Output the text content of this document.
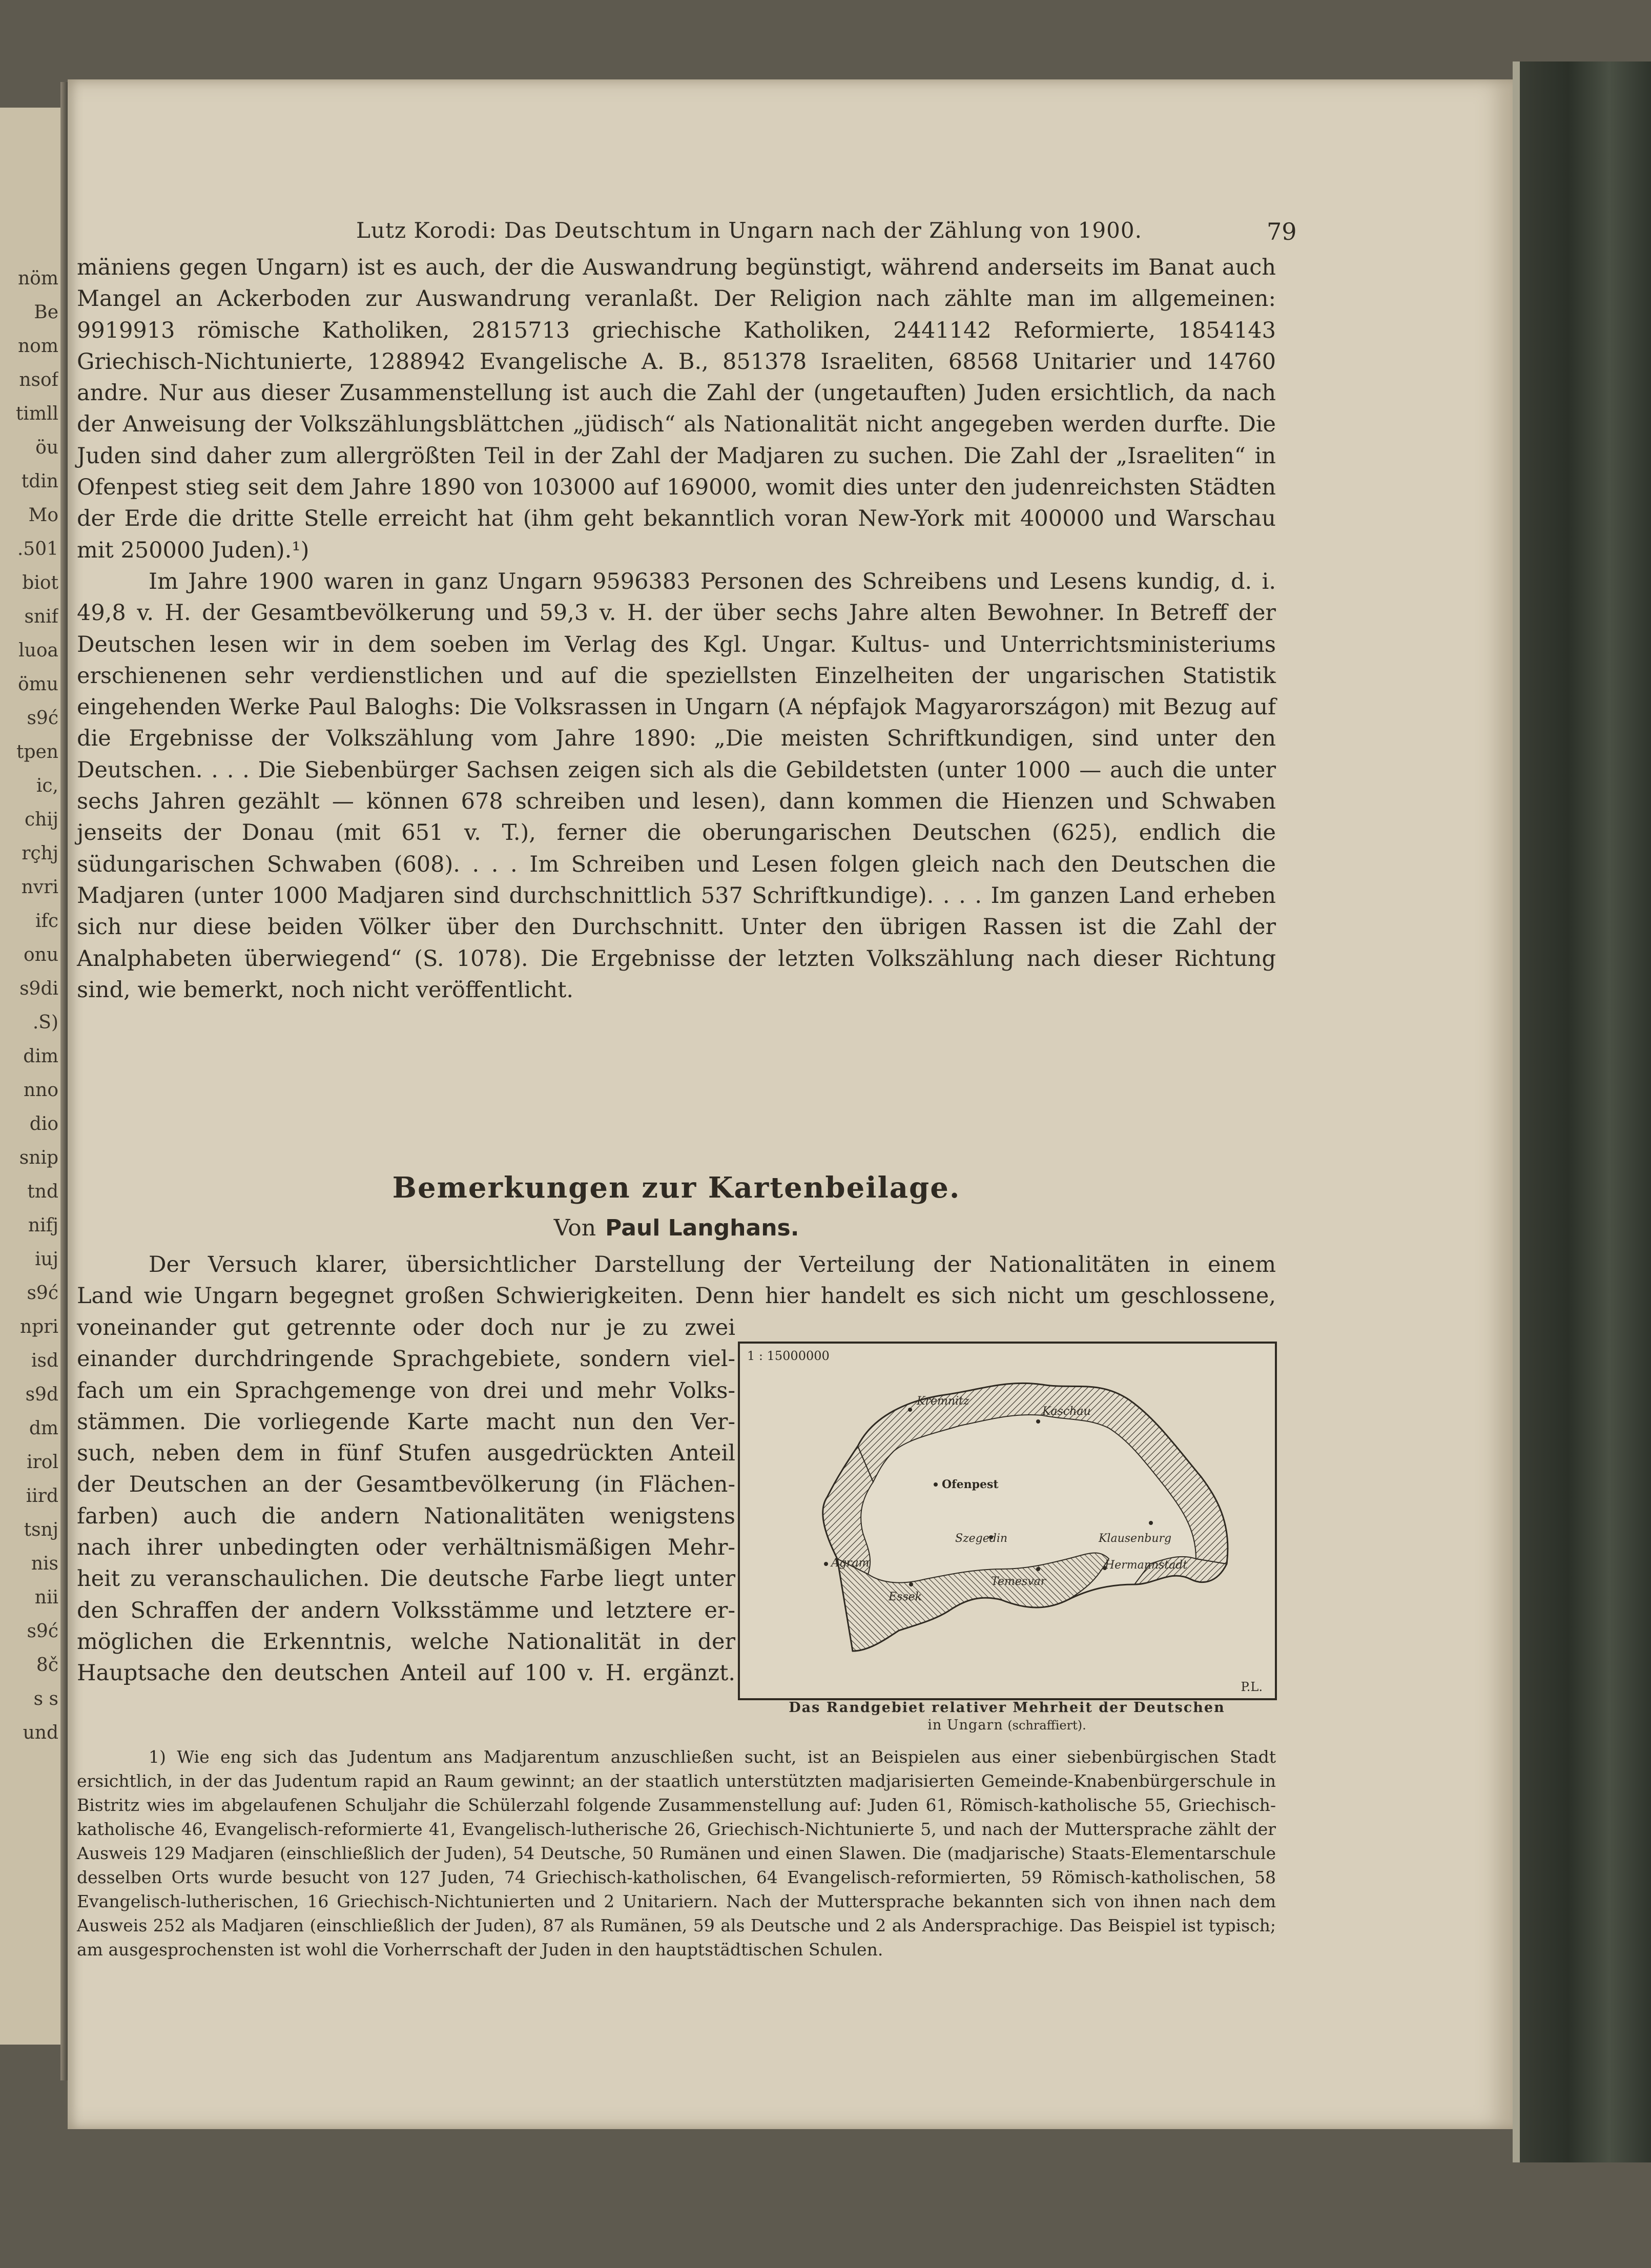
nöm
Be
nom
nsof
timll
öu
tdin
Mo
.501
biot
snif
luoa
ömu
s9ć
tpen
ic,
chij
rçhj
nvri
ifc
onu
s9di
.S)
dim
nno
dio
snip
tnd
nifj
iuj
s9ć
npri
isd
s9d
dm
irol
iird
tsnj
nis
nii
s9ć
8č
s s
und
Lutz Korodi: Das Deutschtum in Ungarn nach der Zählung von 1900.	79

mäniens gegen Ungarn) ist es auch, der die Auswandrung begünstigt, während anderseits im Banat auch Mangel an Ackerboden zur Auswandrung veranlaßt. Der Religion nach zählte man im allgemeinen: 9919913 römische Katholiken, 2815713 griechische Katholiken, 2441142 Reformierte, 1854143 Griechisch-Nichtunierte, 1288942 Evangelische A. B., 851378 Israeliten, 68568 Unitarier und 14760 andre. Nur aus dieser Zusammenstellung ist auch die Zahl der (ungetauften) Juden ersichtlich, da nach der Anweisung der Volkszählungsblättchen „jüdisch“ als Nationalität nicht angegeben werden durfte. Die Juden sind daher zum allergrößten Teil in der Zahl der Madjaren zu suchen. Die Zahl der „Israeliten“ in Ofenpest stieg seit dem Jahre 1890 von 103000 auf 169000, womit dies unter den judenreichsten Städten der Erde die dritte Stelle erreicht hat (ihm geht bekanntlich voran New-York mit 400000 und Warschau mit 250000 Juden).¹)

Im Jahre 1900 waren in ganz Ungarn 9596383 Personen des Schreibens und Lesens kundig, d. i. 49,8 v. H. der Gesamtbevölkerung und 59,3 v. H. der über sechs Jahre alten Bewohner. In Betreff der Deutschen lesen wir in dem soeben im Verlag des Kgl. Ungar. Kultus- und Unterrichtsministeriums erschienenen sehr verdienstlichen und auf die speziellsten Einzelheiten der ungarischen Statistik eingehenden Werke Paul Baloghs: Die Volksrassen in Ungarn (A népfajok Magyarországon) mit Bezug auf die Ergebnisse der Volkszählung vom Jahre 1890: „Die meisten Schriftkundigen, sind unter den Deutschen. . . . Die Siebenbürger Sachsen zeigen sich als die Gebildetsten (unter 1000 — auch die unter sechs Jahren gezählt — können 678 schreiben und lesen), dann kommen die Hienzen und Schwaben jenseits der Donau (mit 651 v. T.), ferner die oberungarischen Deutschen (625), endlich die südungarischen Schwaben (608). . . . Im Schreiben und Lesen folgen gleich nach den Deutschen die Madjaren (unter 1000 Madjaren sind durchschnittlich 537 Schriftkundige). . . . Im ganzen Land erheben sich nur diese beiden Völker über den Durchschnitt. Unter den übrigen Rassen ist die Zahl der Analphabeten überwiegend“ (S. 1078). Die Ergebnisse der letzten Volkszählung nach dieser Richtung sind, wie bemerkt, noch nicht veröffentlicht.

Bemerkungen zur Kartenbeilage.
Von Paul Langhans.

Der Versuch klarer, übersichtlicher Darstellung der Verteilung der Nationalitäten in einem

Land wie Ungarn begegnet großen Schwierigkeiten. Denn hier handelt es sich nicht um geschlossene,

voneinander gut getrennte oder doch nur je zu zwei

einander durchdringende Sprachgebiete, sondern viel-

fach um ein Sprachgemenge von drei und mehr Volks-

stämmen. Die vorliegende Karte macht nun den Ver-

such, neben dem in fünf Stufen ausgedrückten Anteil

der Deutschen an der Gesamtbevölkerung (in Flächen-

farben) auch die andern Nationalitäten wenigstens

nach ihrer unbedingten oder verhältnismäßigen Mehr-

heit zu veranschaulichen. Die deutsche Farbe liegt unter

den Schraffen der andern Volksstämme und letztere er-

möglichen die Erkenntnis, welche Nationalität in der

Hauptsache den deutschen Anteil auf 100 v. H. ergänzt.

1 : 15000000
Kremnitz
Kaschau
Ofenpest
Klausenburg
Szegedin
Agram
Temesvar
Hermannstadt
Essek
P.L.
Das Randgebiet relativer Mehrheit der Deutschen
in Ungarn (schraffiert).

1) Wie eng sich das Judentum ans Madjarentum anzuschließen sucht, ist an Beispielen aus einer siebenbürgischen Stadt ersichtlich, in der das Judentum rapid an Raum gewinnt; an der staatlich unterstützten madjarisierten Gemeinde-Knabenbürgerschule in Bistritz wies im abgelaufenen Schuljahr die Schülerzahl folgende Zusammenstellung auf: Juden 61, Römisch-katholische 55, Griechisch-katholische 46, Evangelisch-reformierte 41, Evangelisch-lutherische 26, Griechisch-Nichtunierte 5, und nach der Muttersprache zählt der Ausweis 129 Madjaren (einschließlich der Juden), 54 Deutsche, 50 Rumänen und einen Slawen. Die (madjarische) Staats-Elementarschule desselben Orts wurde besucht von 127 Juden, 74 Griechisch-katholischen, 64 Evangelisch-reformierten, 59 Römisch-katholischen, 58 Evangelisch-lutherischen, 16 Griechisch-Nichtunierten und 2 Unitariern. Nach der Muttersprache bekannten sich von ihnen nach dem Ausweis 252 als Madjaren (einschließlich der Juden), 87 als Rumänen, 59 als Deutsche und 2 als Andersprachige. Das Beispiel ist typisch; am ausgesprochensten ist wohl die Vorherrschaft der Juden in den hauptstädtischen Schulen.
